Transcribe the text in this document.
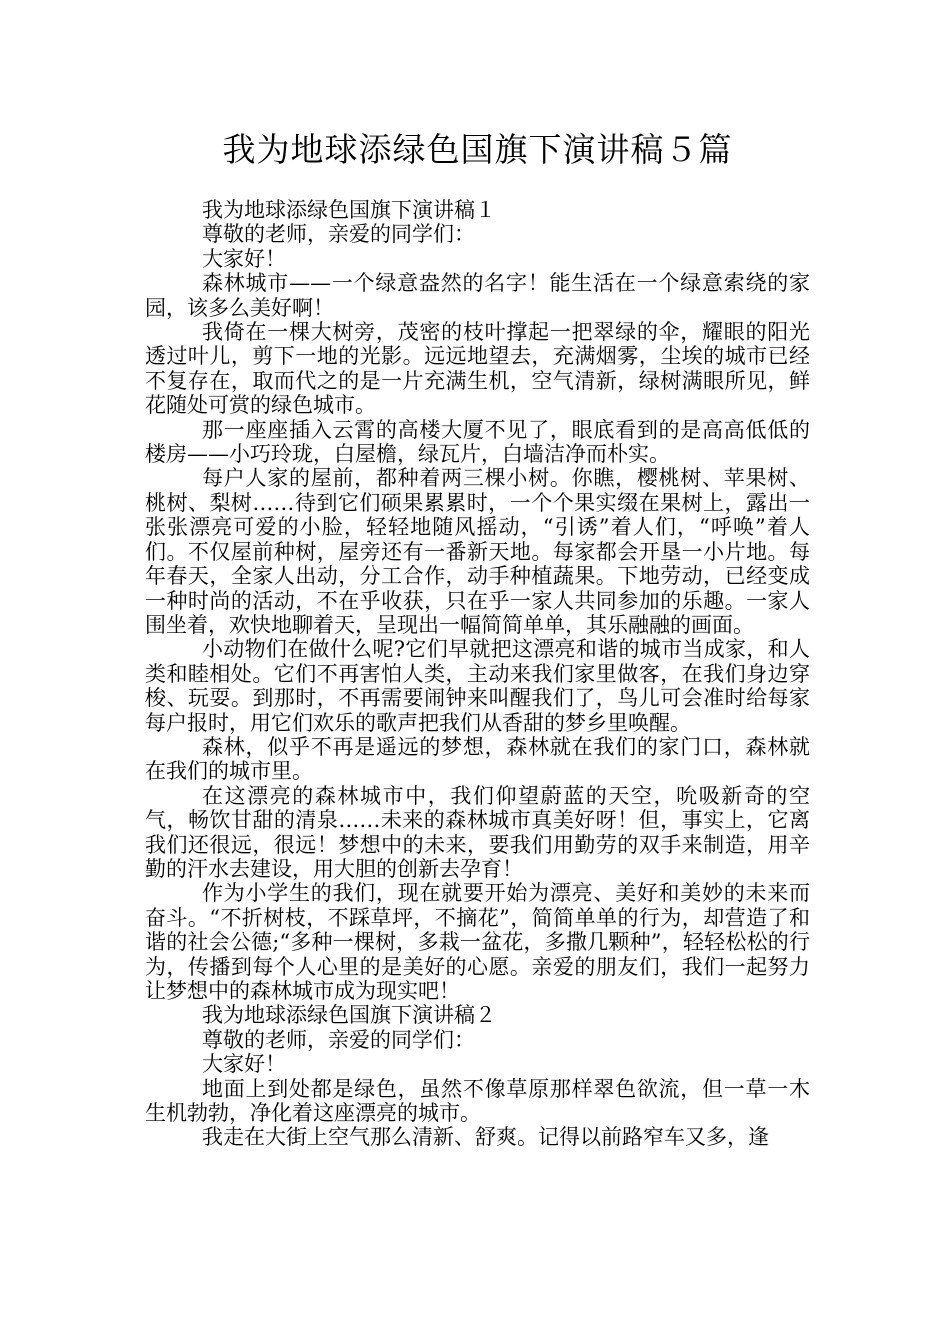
我为地球添绿色国旗下演讲稿５篇

我为地球添绿色国旗下演讲稿１

尊敬的老师，亲爱的同学们：

大家好！

森林城市——一个绿意盎然的名字！能生活在一个绿意索绕的家园，该多么美好啊！

我倚在一棵大树旁，茂密的枝叶撑起一把翠绿的伞，耀眼的阳光透过叶儿，剪下一地的光影。远远地望去，充满烟雾，尘埃的城市已经不复存在，取而代之的是一片充满生机，空气清新，绿树满眼所见，鲜花随处可赏的绿色城市。

那一座座插入云霄的高楼大厦不见了，眼底看到的是高高低低的楼房——小巧玲珑，白屋檐，绿瓦片，白墙洁净而朴实。

每户人家的屋前，都种着两三棵小树。你瞧，樱桃树、苹果树、桃树、梨树……待到它们硕果累累时，一个个果实缀在果树上，露出一张张漂亮可爱的小脸，轻轻地随风摇动，“引诱”着人们，“呼唤”着人们。不仅屋前种树，屋旁还有一番新天地。每家都会开垦一小片地。每年春天，全家人出动，分工合作，动手种植蔬果。下地劳动，已经变成一种时尚的活动，不在乎收获，只在乎一家人共同参加的乐趣。一家人围坐着，欢快地聊着天，呈现出一幅简简单单，其乐融融的画面。

小动物们在做什么呢?它们早就把这漂亮和谐的城市当成家，和人类和睦相处。它们不再害怕人类，主动来我们家里做客，在我们身边穿梭、玩耍。到那时，不再需要闹钟来叫醒我们了，鸟儿可会准时给每家每户报时，用它们欢乐的歌声把我们从香甜的梦乡里唤醒。

森林，似乎不再是遥远的梦想，森林就在我们的家门口，森林就在我们的城市里。

在这漂亮的森林城市中，我们仰望蔚蓝的天空，吮吸新奇的空气，畅饮甘甜的清泉……未来的森林城市真美好呀！但，事实上，它离我们还很远，很远！梦想中的未来，要我们用勤劳的双手来制造，用辛勤的汗水去建设，用大胆的创新去孕育！

作为小学生的我们，现在就要开始为漂亮、美好和美妙的未来而奋斗。“不折树枝，不踩草坪，不摘花”，简简单单的行为，却营造了和谐的社会公德;“多种一棵树，多栽一盆花，多撒几颗种”，轻轻松松的行为，传播到每个人心里的是美好的心愿。亲爱的朋友们，我们一起努力让梦想中的森林城市成为现实吧！

我为地球添绿色国旗下演讲稿２

尊敬的老师，亲爱的同学们：

大家好！

地面上到处都是绿色，虽然不像草原那样翠色欲流，但一草一木生机勃勃，净化着这座漂亮的城市。

我走在大街上空气那么清新、舒爽。记得以前路窄车又多，逢
